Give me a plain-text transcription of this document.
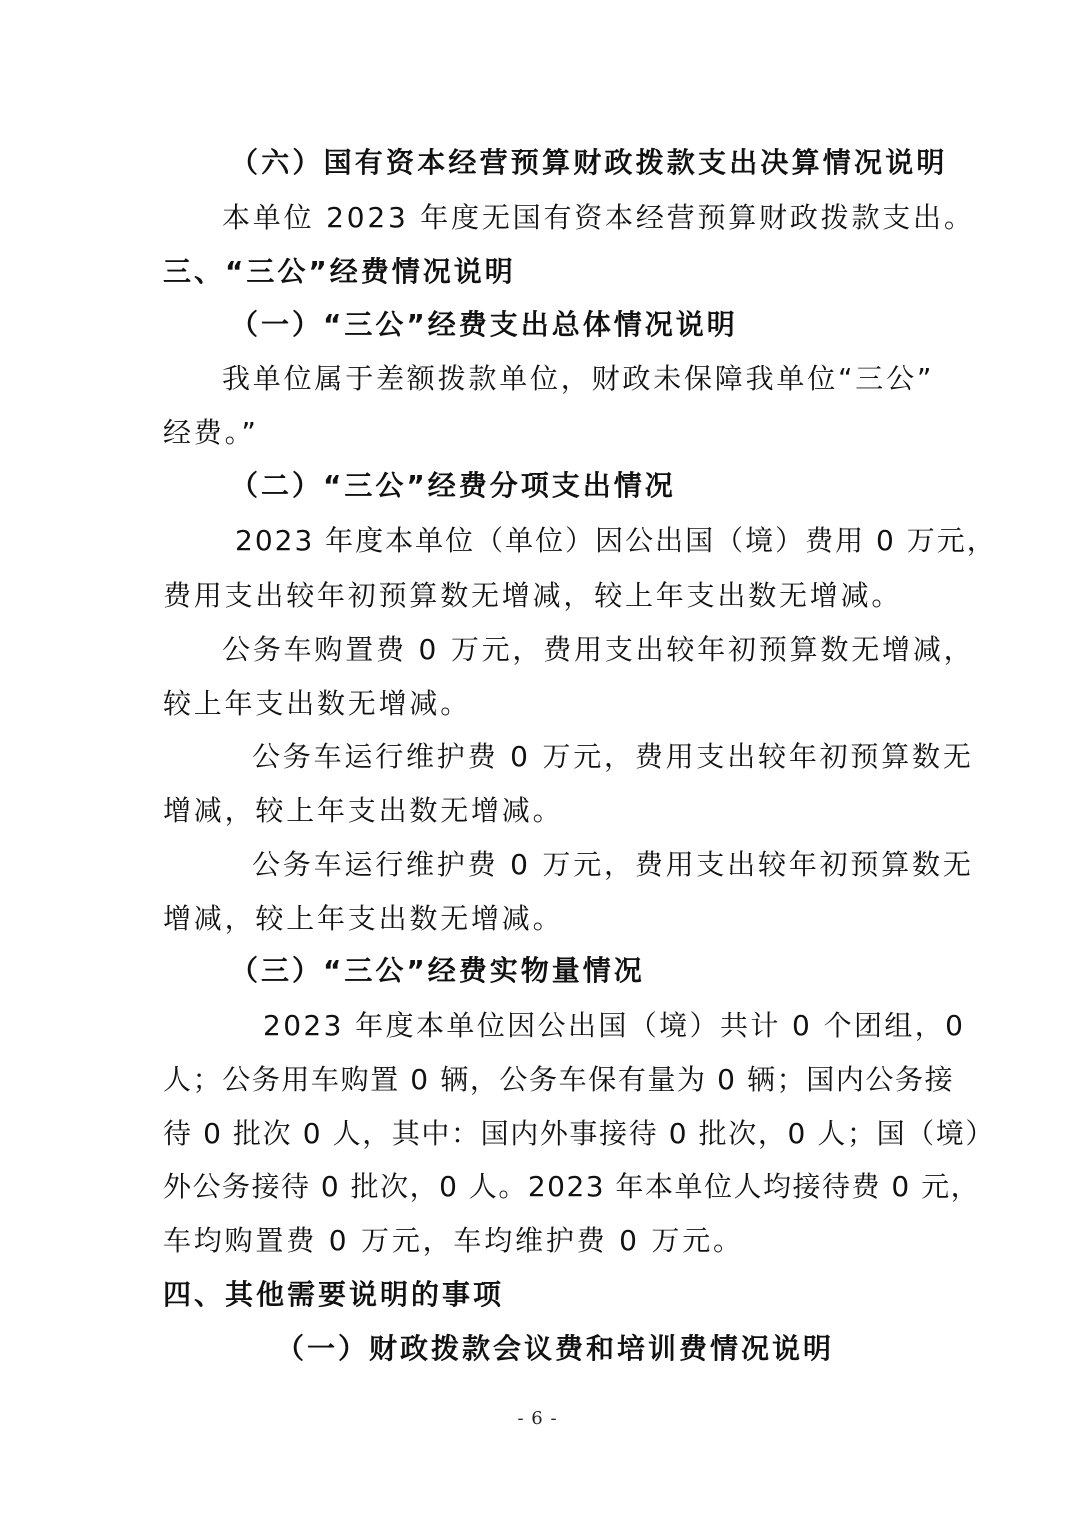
（六）国有资本经营预算财政拨款支出决算情况说明
本单位 2023 年度无国有资本经营预算财政拨款支出。
三、“三公”经费情况说明
（一）“三公”经费支出总体情况说明
我单位属于差额拨款单位，财政未保障我单位“三公”
经费。”
（二）“三公”经费分项支出情况
2023 年度本单位（单位）因公出国（境）费用 0 万元，
费用支出较年初预算数无增减，较上年支出数无增减。
公务车购置费 0 万元，费用支出较年初预算数无增减，
较上年支出数无增减。
公务车运行维护费 0 万元，费用支出较年初预算数无
增减，较上年支出数无增减。
公务车运行维护费 0 万元，费用支出较年初预算数无
增减，较上年支出数无增减。
（三）“三公”经费实物量情况
2023 年度本单位因公出国（境）共计 0 个团组，0
人；公务用车购置 0 辆，公务车保有量为 0 辆；国内公务接
待 0 批次 0 人，其中：国内外事接待 0 批次，0 人；国（境）
外公务接待 0 批次，0 人。2023 年本单位人均接待费 0 元，
车均购置费 0 万元，车均维护费 0 万元。
四、其他需要说明的事项
（一）财政拨款会议费和培训费情况说明
- 6 -
